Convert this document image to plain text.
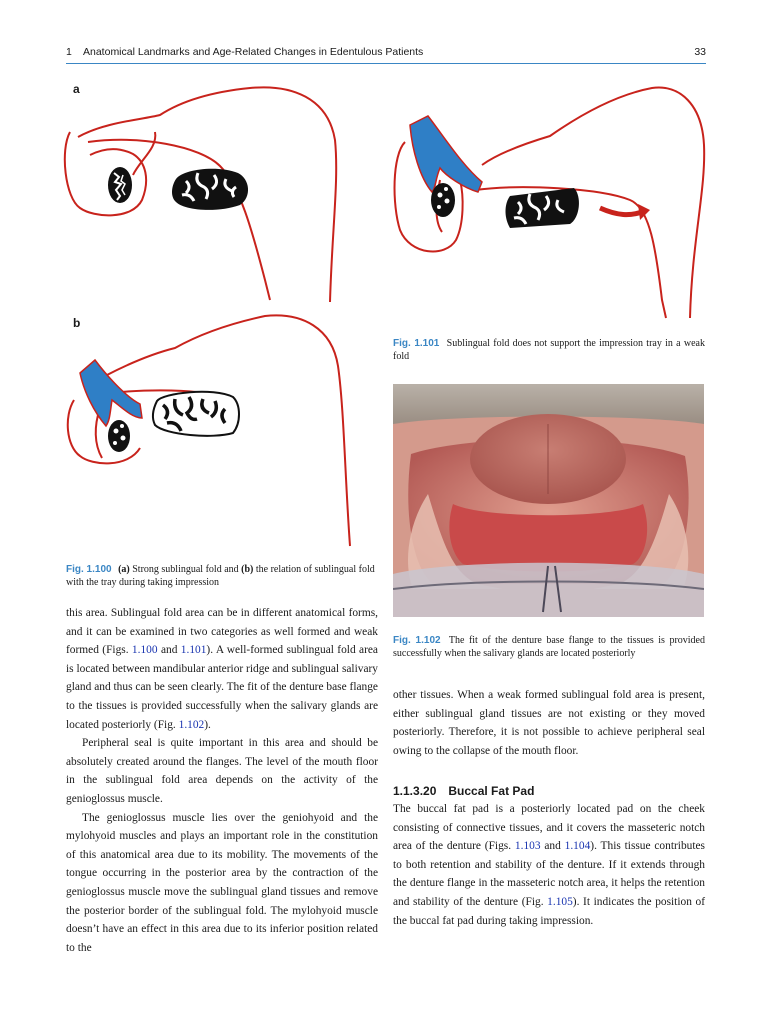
1 Anatomical Landmarks and Age-Related Changes in Edentulous Patients	33
a
b
Fig. 1.101 Sublingual fold does not support the impression tray in a weak fold
Fig. 1.100 (a) Strong sublingual fold and (b) the relation of sublingual fold with the tray during taking impression
Fig. 1.102 The fit of the denture base flange to the tissues is provided successfully when the salivary glands are located posteriorly

this area. Sublingual fold area can be in different anatomical forms, and it can be examined in two categories as well formed and weak formed (Figs. 1.100 and 1.101). A well-formed sublingual fold area is located between mandibular anterior ridge and sublingual salivary gland and thus can be seen clearly. The fit of the denture base flange to the tissues is provided successfully when the salivary glands are located posteriorly (Fig. 1.102).

Peripheral seal is quite important in this area and should be absolutely created around the flanges. The level of the mouth floor in the sublingual fold area depends on the activity of the genioglossus muscle.

The genioglossus muscle lies over the geniohyoid and the mylohyoid muscles and plays an important role in the constitution of this anatomical area due to its mobility. The movements of the tongue occurring in the posterior area by the contraction of the genioglossus muscle move the sublingual gland tissues and remove the posterior border of the sublingual fold. The mylohyoid muscle doesn’t have an effect in this area due to its inferior position related to the

other tissues. When a weak formed sublingual fold area is present, either sublingual gland tissues are not existing or they moved posteriorly. Therefore, it is not possible to achieve peripheral seal owing to the collapse of the mouth floor.

1.1.3.20 Buccal Fat Pad

The buccal fat pad is a posteriorly located pad on the cheek consisting of connective tissues, and it covers the masseteric notch area of the denture (Figs. 1.103 and 1.104). This tissue contributes to both retention and stability of the denture. If it extends through the denture flange in the masseteric notch area, it helps the retention and stability of the denture (Fig. 1.105). It indicates the position of the buccal fat pad during taking impression.
